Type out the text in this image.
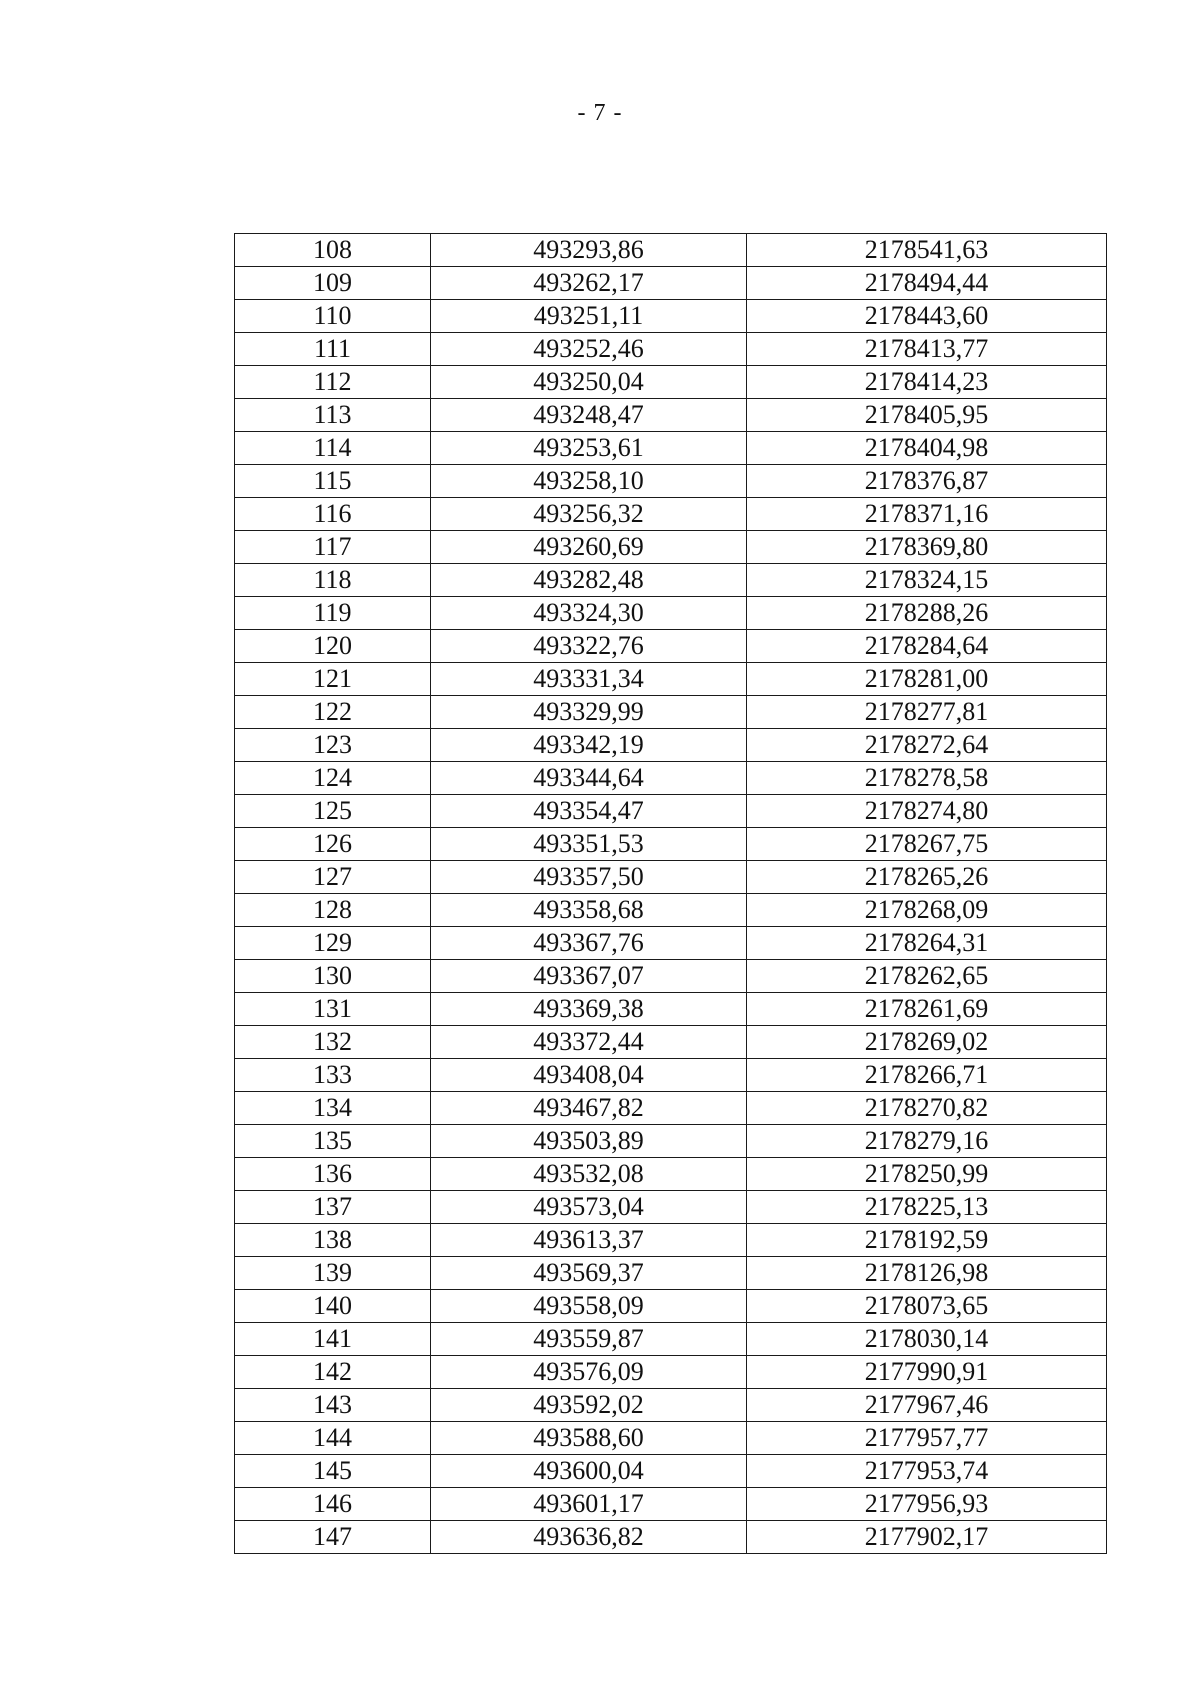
- 7 -
108	493293,86	2178541,63
109	493262,17	2178494,44
110	493251,11	2178443,60
111	493252,46	2178413,77
112	493250,04	2178414,23
113	493248,47	2178405,95
114	493253,61	2178404,98
115	493258,10	2178376,87
116	493256,32	2178371,16
117	493260,69	2178369,80
118	493282,48	2178324,15
119	493324,30	2178288,26
120	493322,76	2178284,64
121	493331,34	2178281,00
122	493329,99	2178277,81
123	493342,19	2178272,64
124	493344,64	2178278,58
125	493354,47	2178274,80
126	493351,53	2178267,75
127	493357,50	2178265,26
128	493358,68	2178268,09
129	493367,76	2178264,31
130	493367,07	2178262,65
131	493369,38	2178261,69
132	493372,44	2178269,02
133	493408,04	2178266,71
134	493467,82	2178270,82
135	493503,89	2178279,16
136	493532,08	2178250,99
137	493573,04	2178225,13
138	493613,37	2178192,59
139	493569,37	2178126,98
140	493558,09	2178073,65
141	493559,87	2178030,14
142	493576,09	2177990,91
143	493592,02	2177967,46
144	493588,60	2177957,77
145	493600,04	2177953,74
146	493601,17	2177956,93
147	493636,82	2177902,17
